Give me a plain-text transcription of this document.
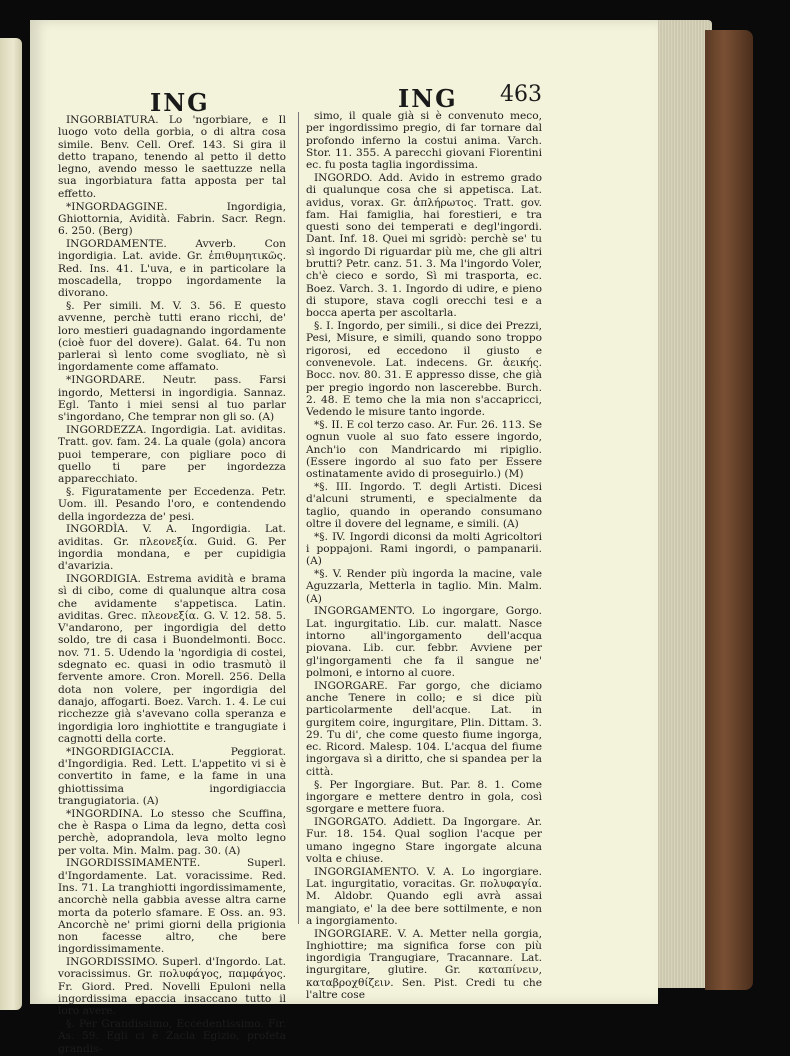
ING	ING 463

INGORBIATURA. Lo 'ngorbiare, e Il luogo voto della gorbia, o di altra cosa simile. Benv. Cell. Oref. 143. Si gira il detto trapano, tenendo al petto il detto legno, avendo messo le saettuzze nella sua ingorbiatura fatta apposta per tal effetto.

*INGORDAGGINE. Ingordigia, Ghiottornia, Avidità. Fabrin. Sacr. Regn. 6. 250. (Berg)

INGORDAMENTE. Avverb. Con ingordigia. Lat. avide. Gr. ἐπιθυμητικῶς. Red. Ins. 41. L'uva, e in particolare la moscadella, troppo ingordamente la divorano.

§. Per simili. M. V. 3. 56. E questo avvenne, perchè tutti erano ricchi, de' loro mestieri guadagnando ingordamente (cioè fuor del dovere). Galat. 64. Tu non parlerai sì lento come svogliato, nè sì ingordamente come affamato.

*INGORDARE. Neutr. pass. Farsi ingordo, Mettersi in ingordigia. Sannaz. Egl. Tanto i miei sensi al tuo parlar s'ingordano, Che temprar non gli so. (A)

INGORDEZZA. Ingordigia. Lat. aviditas. Tratt. gov. fam. 24. La quale (gola) ancora puoi temperare, con pigliare poco di quello ti pare per ingordezza apparecchiato.

§. Figuratamente per Eccedenza. Petr. Uom. ill. Pesando l'oro, e contendendo della ingordezza de' pesi.

INGORDÌA. V. A. Ingordigia. Lat. aviditas. Gr. πλεονεξία. Guid. G. Per ingordia mondana, e per cupidigia d'avarizia.

INGORDIGIA. Estrema avidità e brama sì di cibo, come di qualunque altra cosa che avidamente s'appetisca. Latin. aviditas. Grec. πλεονεξία. G. V. 12. 58. 5. V'andarono, per ingordigia del detto soldo, tre di casa i Buondelmonti. Bocc. nov. 71. 5. Udendo la 'ngordigia di costei, sdegnato ec. quasi in odio trasmutò il fervente amore. Cron. Morell. 256. Della dota non volere, per ingordigia del danajo, affogarti. Boez. Varch. 1. 4. Le cui ricchezze già s'avevano colla speranza e ingordigia loro inghiottite e trangugiate i cagnotti della corte.

*INGORDIGIACCIA. Peggiorat. d'Ingordigia. Red. Lett. L'appetito vi si è convertito in fame, e la fame in una ghiottissima ingordigiaccia trangugiatoria. (A)

*INGORDINA. Lo stesso che Scuffina, che è Raspa o Lima da legno, detta così perchè, adoprandola, leva molto legno per volta. Min. Malm. pag. 30. (A)

INGORDISSIMAMENTE. Superl. d'Ingordamente. Lat. voracissime. Red. Ins. 71. La tranghiotti ingordissimamente, ancorchè nella gabbia avesse altra carne morta da poterlo sfamare. E Oss. an. 93. Ancorchè ne' primi giorni della prigionia non facesse altro, che bere ingordissimamente.

INGORDISSIMO. Superl. d'Ingordo. Lat. voracissimus. Gr. πολυφάγος, παμφάγος. Fr. Giord. Pred. Novelli Epuloni nella ingordissima epaccia insaccano tutto il loro avere.

§. Per Grandissimo, Eccedentissimo. Fir. As. 59. Egli ci è Zacla Egizio, profeta grandis-

simo, il quale già si è convenuto meco, per ingordissimo pregio, di far tornare dal profondo inferno la costui anima. Varch. Stor. 11. 355. A parecchi giovani Fiorentini ec. fu posta taglia ingordissima.

INGORDO. Add. Avido in estremo grado di qualunque cosa che si appetisca. Lat. avidus, vorax. Gr. ἀπλήρωτος. Tratt. gov. fam. Hai famiglia, hai forestieri, e tra questi sono dei temperati e degl'ingordi. Dant. Inf. 18. Quei mi sgridò: perchè se' tu sì ingordo Di riguardar più me, che gli altri brutti? Petr. canz. 51. 3. Ma l'ingordo Voler, ch'è cieco e sordo, Sì mi trasporta, ec. Boez. Varch. 3. 1. Ingordo di udire, e pieno di stupore, stava cogli orecchi tesi e a bocca aperta per ascoltarla.

§. I. Ingordo, per simili., si dice dei Prezzi, Pesi, Misure, e simili, quando sono troppo rigorosi, ed eccedono il giusto e convenevole. Lat. indecens. Gr. ἀεικής. Bocc. nov. 80. 31. E appresso disse, che già per pregio ingordo non lascerebbe. Burch. 2. 48. E temo che la mia non s'accapricci, Vedendo le misure tanto ingorde.

*§. II. E col terzo caso. Ar. Fur. 26. 113. Se ognun vuole al suo fato essere ingordo, Anch'io con Mandricardo mi ripiglio. (Essere ingordo al suo fato per Essere ostinatamente avido di proseguirlo.) (M)

*§. III. Ingordo. T. degli Artisti. Dicesi d'alcuni strumenti, e specialmente da taglio, quando in operando consumano oltre il dovere del legname, e simili. (A)

*§. IV. Ingordi diconsi da molti Agricoltori i poppajoni. Rami ingordi, o pampanarii. (A)

*§. V. Render più ingorda la macine, vale Aguzzarla, Metterla in taglio. Min. Malm. (A)

INGORGAMENTO. Lo ingorgare, Gorgo. Lat. ingurgitatio. Lib. cur. malatt. Nasce intorno all'ingorgamento dell'acqua piovana. Lib. cur. febbr. Avviene per gl'ingorgamenti che fa il sangue ne' polmoni, e intorno al cuore.

INGORGARE. Far gorgo, che diciamo anche Tenere in collo; e si dice più particolarmente dell'acque. Lat. in gurgitem coire, ingurgitare, Plin. Dittam. 3. 29. Tu di', che come questo fiume ingorga, ec. Ricord. Malesp. 104. L'acqua del fiume ingorgava sì a diritto, che si spandea per la città.

§. Per Ingorgiare. But. Par. 8. 1. Come ingorgare e mettere dentro in gola, così sgorgare e mettere fuora.

INGORGATO. Addiett. Da Ingorgare. Ar. Fur. 18. 154. Qual soglion l'acque per umano ingegno Stare ingorgate alcuna volta e chiuse.

INGORGIAMENTO. V. A. Lo ingorgiare. Lat. ingurgitatio, voracitas. Gr. πολυφαγία. M. Aldobr. Quando egli avrà assai mangiato, e' la dee bere sottilmente, e non a ingorgiamento.

INGORGIARE. V. A. Metter nella gorgia, Inghiottire; ma significa forse con più ingordigia Trangugiare, Tracannare. Lat. ingurgitare, glutire. Gr. καταπίνειν, καταβροχθίζειν. Sen. Pist. Credi tu che l'altre cose
